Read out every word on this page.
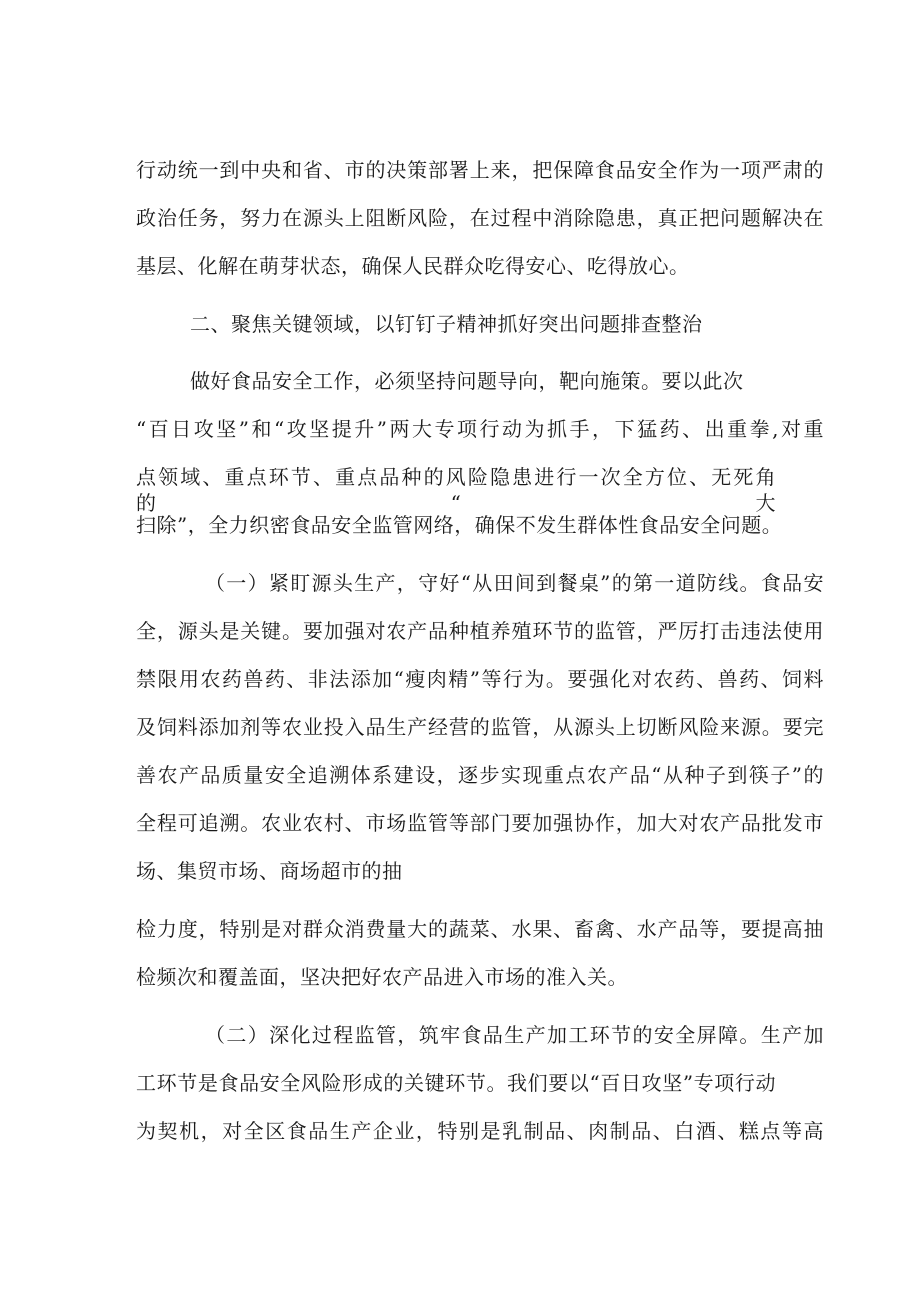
行动统一到中央和省、市的决策部署上来，把保障食品安全作为一项严肃的

政治任务，努力在源头上阻断风险，在过程中消除隐患，真正把问题解决在

基层、化解在萌芽状态，确保人民群众吃得安心、吃得放心。

二、聚焦关键领域，以钉钉子精神抓好突出问题排查整治

做好食品安全工作，必须坚持问题导向，靶向施策。要以此次

“百日攻坚”和“攻坚提升”两大专项行动为抓手，下猛药、出重拳,对重

点领域、重点环节、重点品种的风险隐患进行一次全方位、无死角的“大

扫除”，全力织密食品安全监管网络，确保不发生群体性食品安全问题。

（一）紧盯源头生产，守好“从田间到餐桌”的第一道防线。食品安

全，源头是关键。要加强对农产品种植养殖环节的监管，严厉打击违法使用

禁限用农药兽药、非法添加“瘦肉精”等行为。要强化对农药、兽药、饲料

及饲料添加剂等农业投入品生产经营的监管，从源头上切断风险来源。要完

善农产品质量安全追溯体系建设，逐步实现重点农产品“从种子到筷子”的

全程可追溯。农业农村、市场监管等部门要加强协作，加大对农产品批发市

场、集贸市场、商场超市的抽

检力度，特别是对群众消费量大的蔬菜、水果、畜禽、水产品等，要提高抽

检频次和覆盖面，坚决把好农产品进入市场的准入关。

（二）深化过程监管，筑牢食品生产加工环节的安全屏障。生产加

工环节是食品安全风险形成的关键环节。我们要以“百日攻坚”专项行动

为契机，对全区食品生产企业，特别是乳制品、肉制品、白酒、糕点等高
